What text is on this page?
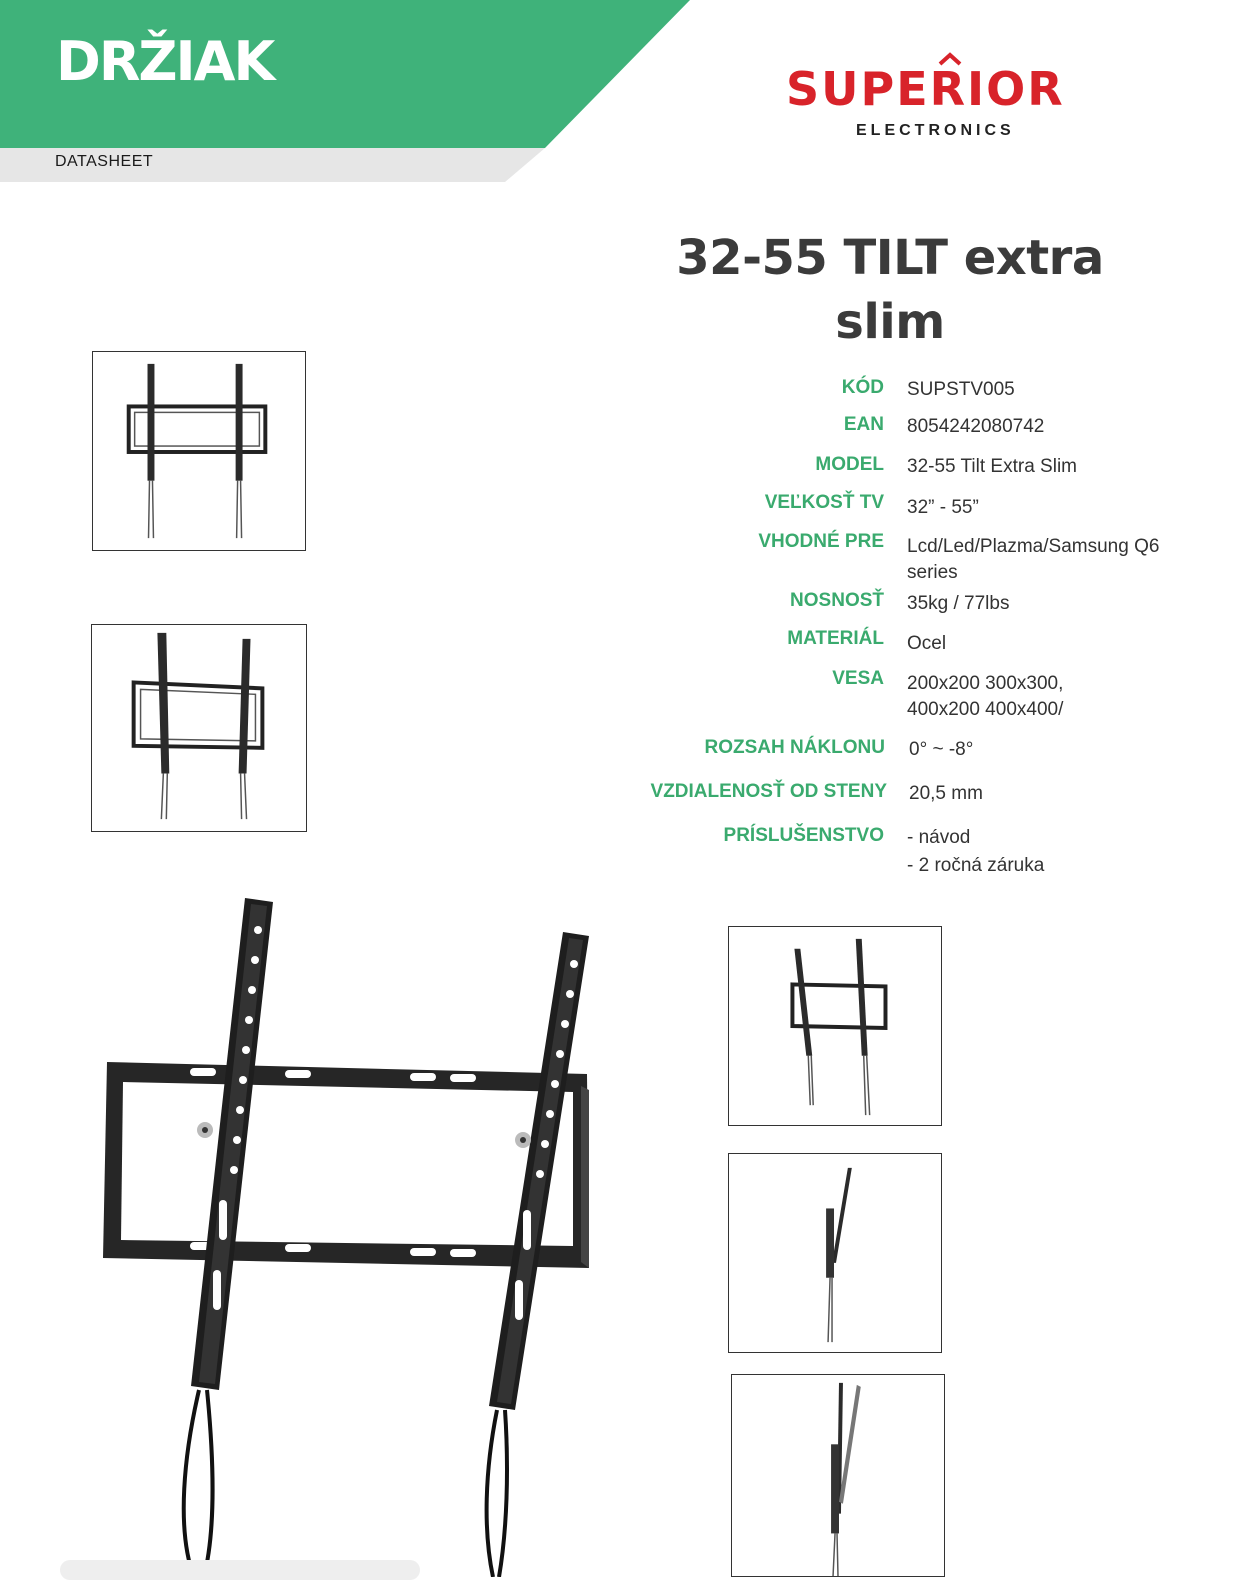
DRŽIAK
DATASHEET
SUPERIOR
ELECTRONICS
32-55 TILT extra
slim
KÓD SUPSTV005
EAN 8054242080742
MODEL 32-55 Tilt Extra Slim
VEĽKOSŤ TV 32” - 55”
VHODNÉ PRE Lcd/Led/Plazma/Samsung Q6
series
NOSNOSŤ 35kg / 77lbs
MATERIÁL Ocel
VESA 200x200 300x300,
400x200 400x400/
ROZSAH NÁKLONU 0° ~ -8°
VZDIALENOSŤ OD STENY 20,5 mm
PRÍSLUŠENSTVO - návod
- 2 ročná záruka
